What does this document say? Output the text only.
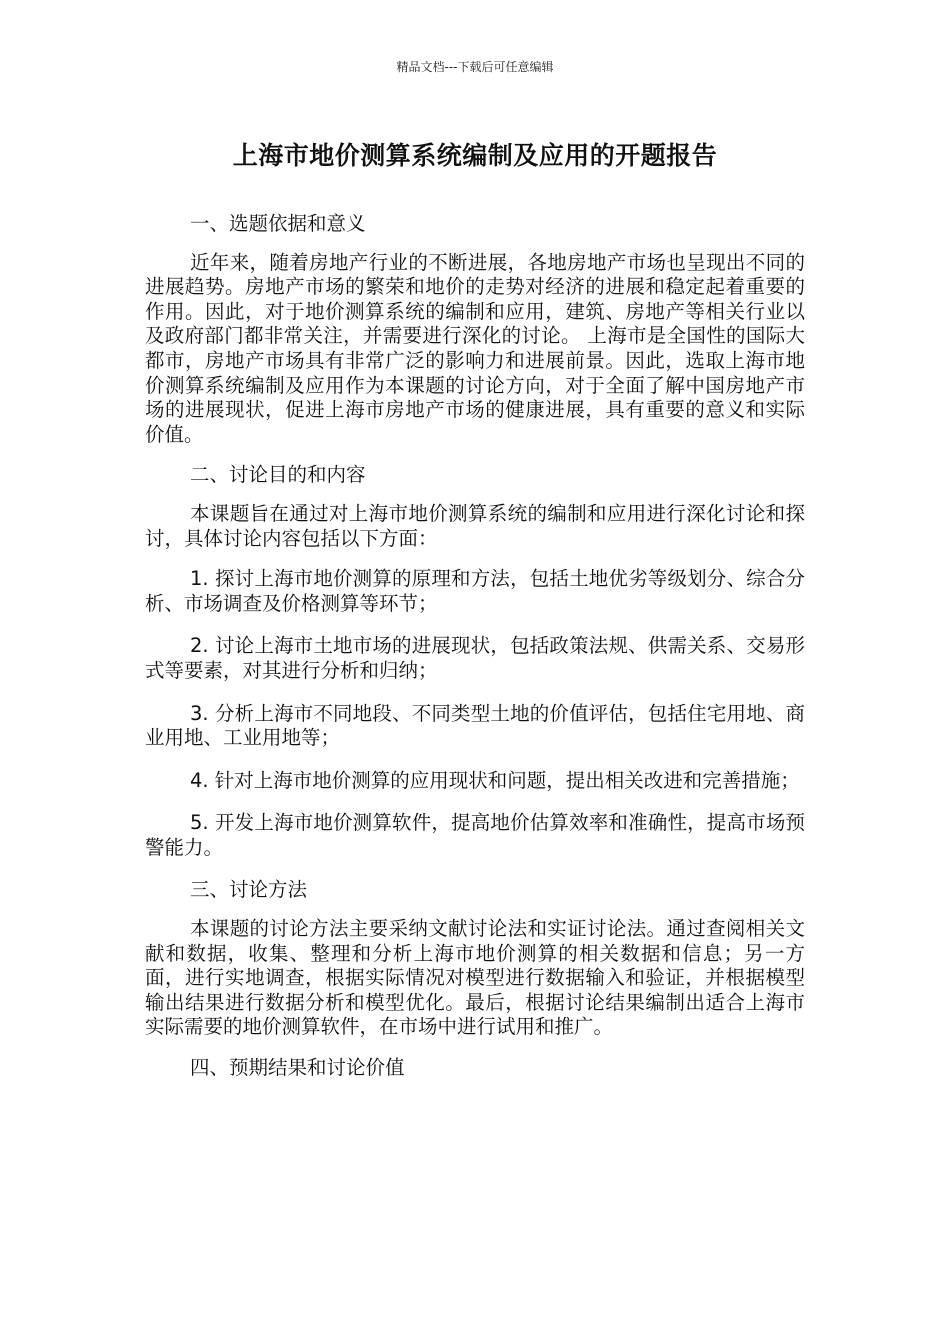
精品文档---下载后可任意编辑
上海市地价测算系统编制及应用的开题报告

一、选题依据和意义

近年来，随着房地产行业的不断进展，各地房地产市场也呈现出不同的进展趋势。房地产市场的繁荣和地价的走势对经济的进展和稳定起着重要的作用。因此，对于地价测算系统的编制和应用，建筑、房地产等相关行业以及政府部门都非常关注，并需要进行深化的讨论。 上海市是全国性的国际大都市，房地产市场具有非常广泛的影响力和进展前景。因此，选取上海市地价测算系统编制及应用作为本课题的讨论方向，对于全面了解中国房地产市场的进展现状，促进上海市房地产市场的健康进展，具有重要的意义和实际价值。

二、讨论目的和内容

本课题旨在通过对上海市地价测算系统的编制和应用进行深化讨论和探讨，具体讨论内容包括以下方面：

1. 探讨上海市地价测算的原理和方法，包括土地优劣等级划分、综合分析、市场调查及价格测算等环节；

2. 讨论上海市土地市场的进展现状，包括政策法规、供需关系、交易形式等要素，对其进行分析和归纳；

3. 分析上海市不同地段、不同类型土地的价值评估，包括住宅用地、商业用地、工业用地等；

4. 针对上海市地价测算的应用现状和问题，提出相关改进和完善措施；

5. 开发上海市地价测算软件，提高地价估算效率和准确性，提高市场预警能力。

三、讨论方法

本课题的讨论方法主要采纳文献讨论法和实证讨论法。通过查阅相关文献和数据，收集、整理和分析上海市地价测算的相关数据和信息；另一方面，进行实地调查，根据实际情况对模型进行数据输入和验证，并根据模型输出结果进行数据分析和模型优化。最后，根据讨论结果编制出适合上海市实际需要的地价测算软件，在市场中进行试用和推广。

四、预期结果和讨论价值
